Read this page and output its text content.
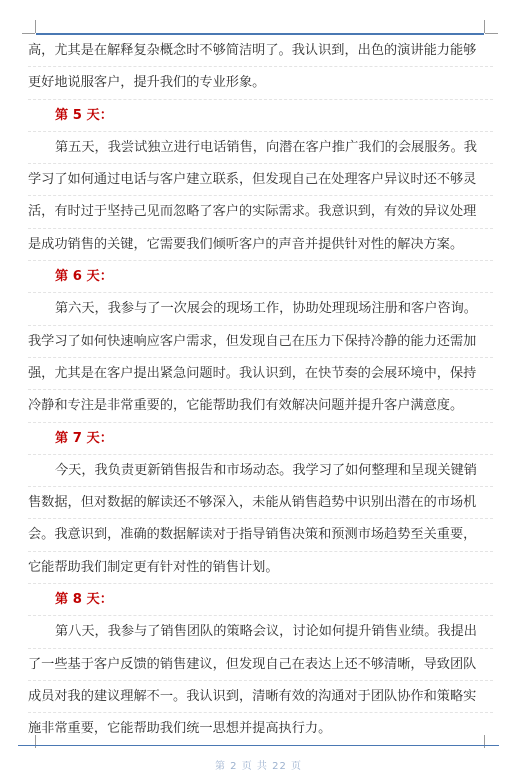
高，尤其是在解释复杂概念时不够简洁明了。我认识到，出色的演讲能力能够
更好地说服客户，提升我们的专业形象。
第 5 天：
第五天，我尝试独立进行电话销售，向潜在客户推广我们的会展服务。我
学习了如何通过电话与客户建立联系，但发现自己在处理客户异议时还不够灵
活，有时过于坚持己见而忽略了客户的实际需求。我意识到，有效的异议处理
是成功销售的关键，它需要我们倾听客户的声音并提供针对性的解决方案。
第 6 天：
第六天，我参与了一次展会的现场工作，协助处理现场注册和客户咨询。
我学习了如何快速响应客户需求，但发现自己在压力下保持冷静的能力还需加
强，尤其是在客户提出紧急问题时。我认识到，在快节奏的会展环境中，保持
冷静和专注是非常重要的，它能帮助我们有效解决问题并提升客户满意度。
第 7 天：
今天，我负责更新销售报告和市场动态。我学习了如何整理和呈现关键销
售数据，但对数据的解读还不够深入，未能从销售趋势中识别出潜在的市场机
会。我意识到，准确的数据解读对于指导销售决策和预测市场趋势至关重要，
它能帮助我们制定更有针对性的销售计划。
第 8 天：
第八天，我参与了销售团队的策略会议，讨论如何提升销售业绩。我提出
了一些基于客户反馈的销售建议，但发现自己在表达上还不够清晰，导致团队
成员对我的建议理解不一。我认识到，清晰有效的沟通对于团队协作和策略实
施非常重要，它能帮助我们统一思想并提高执行力。
第 2 页 共 22 页
